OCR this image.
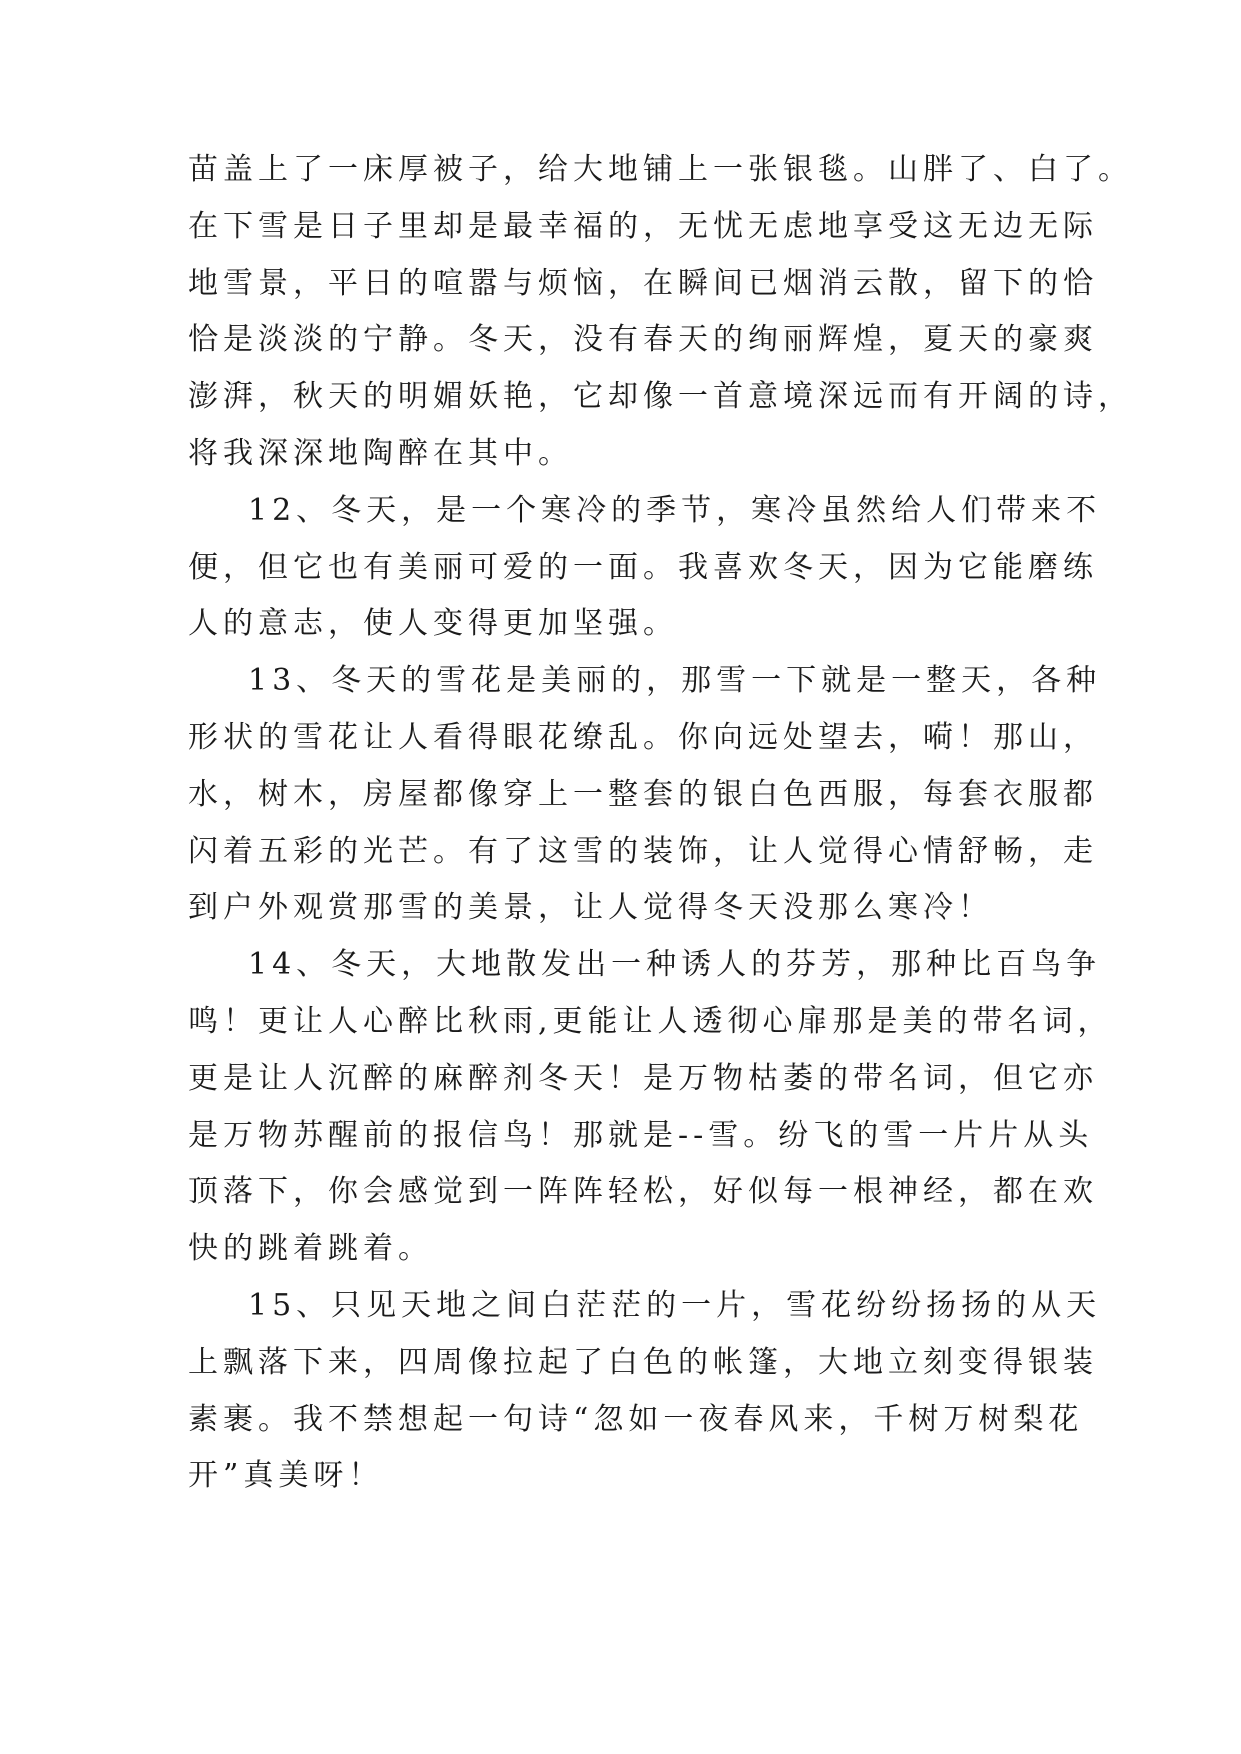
苗盖上了一床厚被子，给大地铺上一张银毯。山胖了、白了。
在下雪是日子里却是最幸福的，无忧无虑地享受这无边无际
地雪景，平日的喧嚣与烦恼，在瞬间已烟消云散，留下的恰
恰是淡淡的宁静。冬天，没有春天的绚丽辉煌，夏天的豪爽
澎湃，秋天的明媚妖艳，它却像一首意境深远而有开阔的诗，
将我深深地陶醉在其中。
12、冬天，是一个寒冷的季节，寒冷虽然给人们带来不
便，但它也有美丽可爱的一面。我喜欢冬天，因为它能磨练
人的意志，使人变得更加坚强。
13、冬天的雪花是美丽的，那雪一下就是一整天，各种
形状的雪花让人看得眼花缭乱。你向远处望去，嗬！那山，
水，树木，房屋都像穿上一整套的银白色西服，每套衣服都
闪着五彩的光芒。有了这雪的装饰，让人觉得心情舒畅，走
到户外观赏那雪的美景，让人觉得冬天没那么寒冷！
14、冬天，大地散发出一种诱人的芬芳，那种比百鸟争
鸣！更让人心醉比秋雨,更能让人透彻心扉那是美的带名词，
更是让人沉醉的麻醉剂冬天！是万物枯萎的带名词，但它亦
是万物苏醒前的报信鸟！那就是--雪。纷飞的雪一片片从头
顶落下，你会感觉到一阵阵轻松，好似每一根神经，都在欢
快的跳着跳着。
15、只见天地之间白茫茫的一片，雪花纷纷扬扬的从天
上飘落下来，四周像拉起了白色的帐篷，大地立刻变得银装
素裹。我不禁想起一句诗“忽如一夜春风来，千树万树梨花
开”真美呀！
